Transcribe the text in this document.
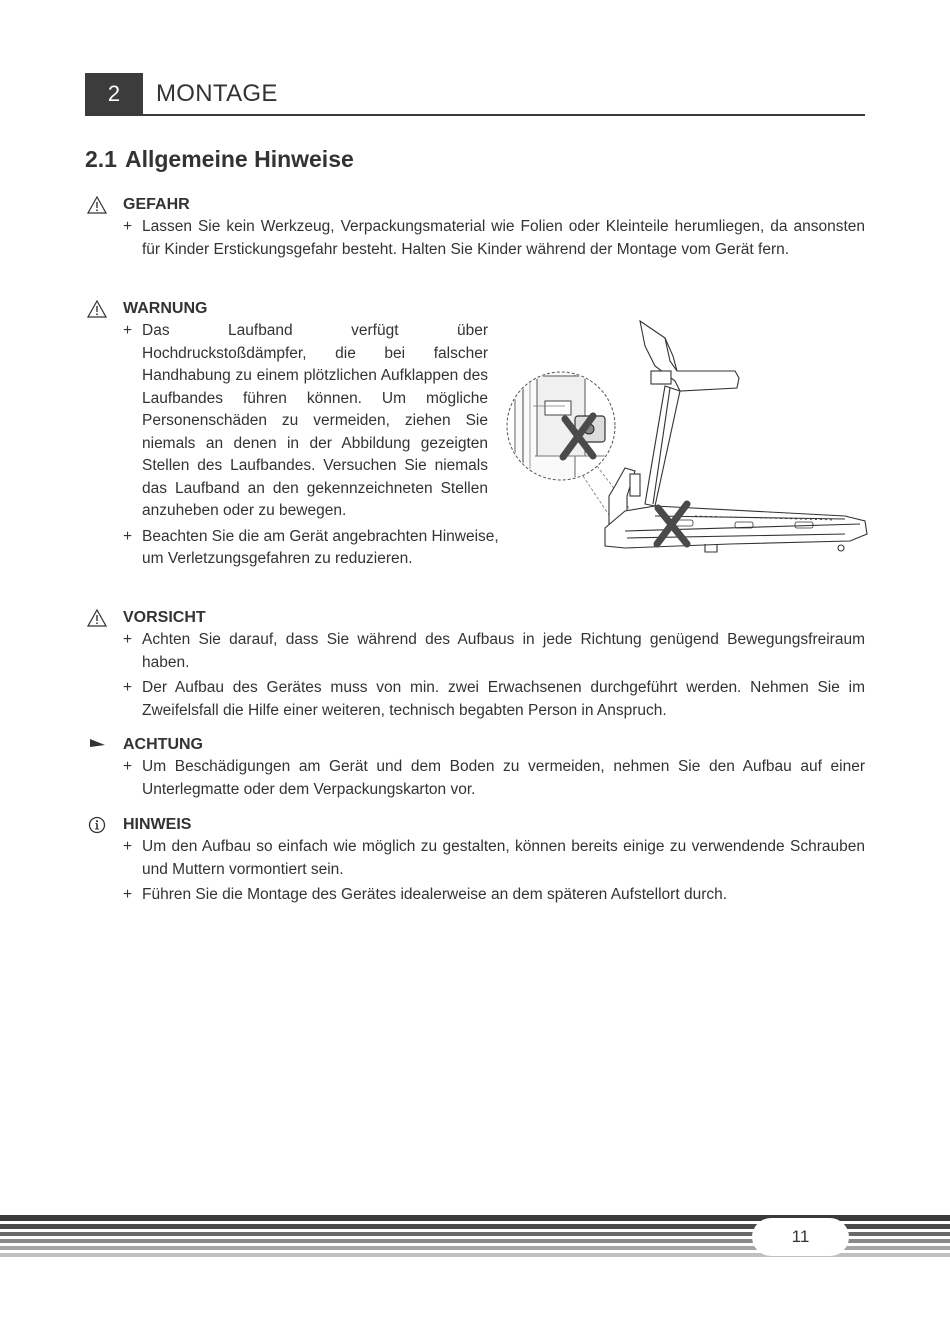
2	MONTAGE
2.1 Allgemeine Hinweise
GEFAHR
+ Lassen Sie kein Werkzeug, Verpackungsmaterial wie Folien oder Kleinteile herumliegen, da ansonsten für Kinder Erstickungsgefahr besteht. Halten Sie Kinder während der Montage vom Gerät fern.
WARNUNG
+ Das Laufband verfügt über Hochdruckstoßdämpfer, die bei falscher Handhabung zu einem plötzlichen Aufklappen des Laufbandes führen können. Um mögliche Personenschäden zu vermeiden, ziehen Sie niemals an denen in der Abbildung gezeigten Stellen des Laufbandes. Versuchen Sie niemals das Laufband an den gekennzeichneten Stellen anzuheben oder zu bewegen.
+ Beachten Sie die am Gerät angebrachten Hinweise, um Verletzungsgefahren zu reduzieren.
VORSICHT
+ Achten Sie darauf, dass Sie während des Aufbaus in jede Richtung genügend Bewegungsfreiraum haben.
+ Der Aufbau des Gerätes muss von min. zwei Erwachsenen durchgeführt werden. Nehmen Sie im Zweifelsfall die Hilfe einer weiteren, technisch begabten Person in Anspruch.
ACHTUNG
+ Um Beschädigungen am Gerät und dem Boden zu vermeiden, nehmen Sie den Aufbau auf einer Unterlegmatte oder dem Verpackungskarton vor.
HINWEIS
+ Um den Aufbau so einfach wie möglich zu gestalten, können bereits einige zu verwendende Schrauben und Muttern vormontiert sein.
+ Führen Sie die Montage des Gerätes idealerweise an dem späteren Aufstellort durch.
11
